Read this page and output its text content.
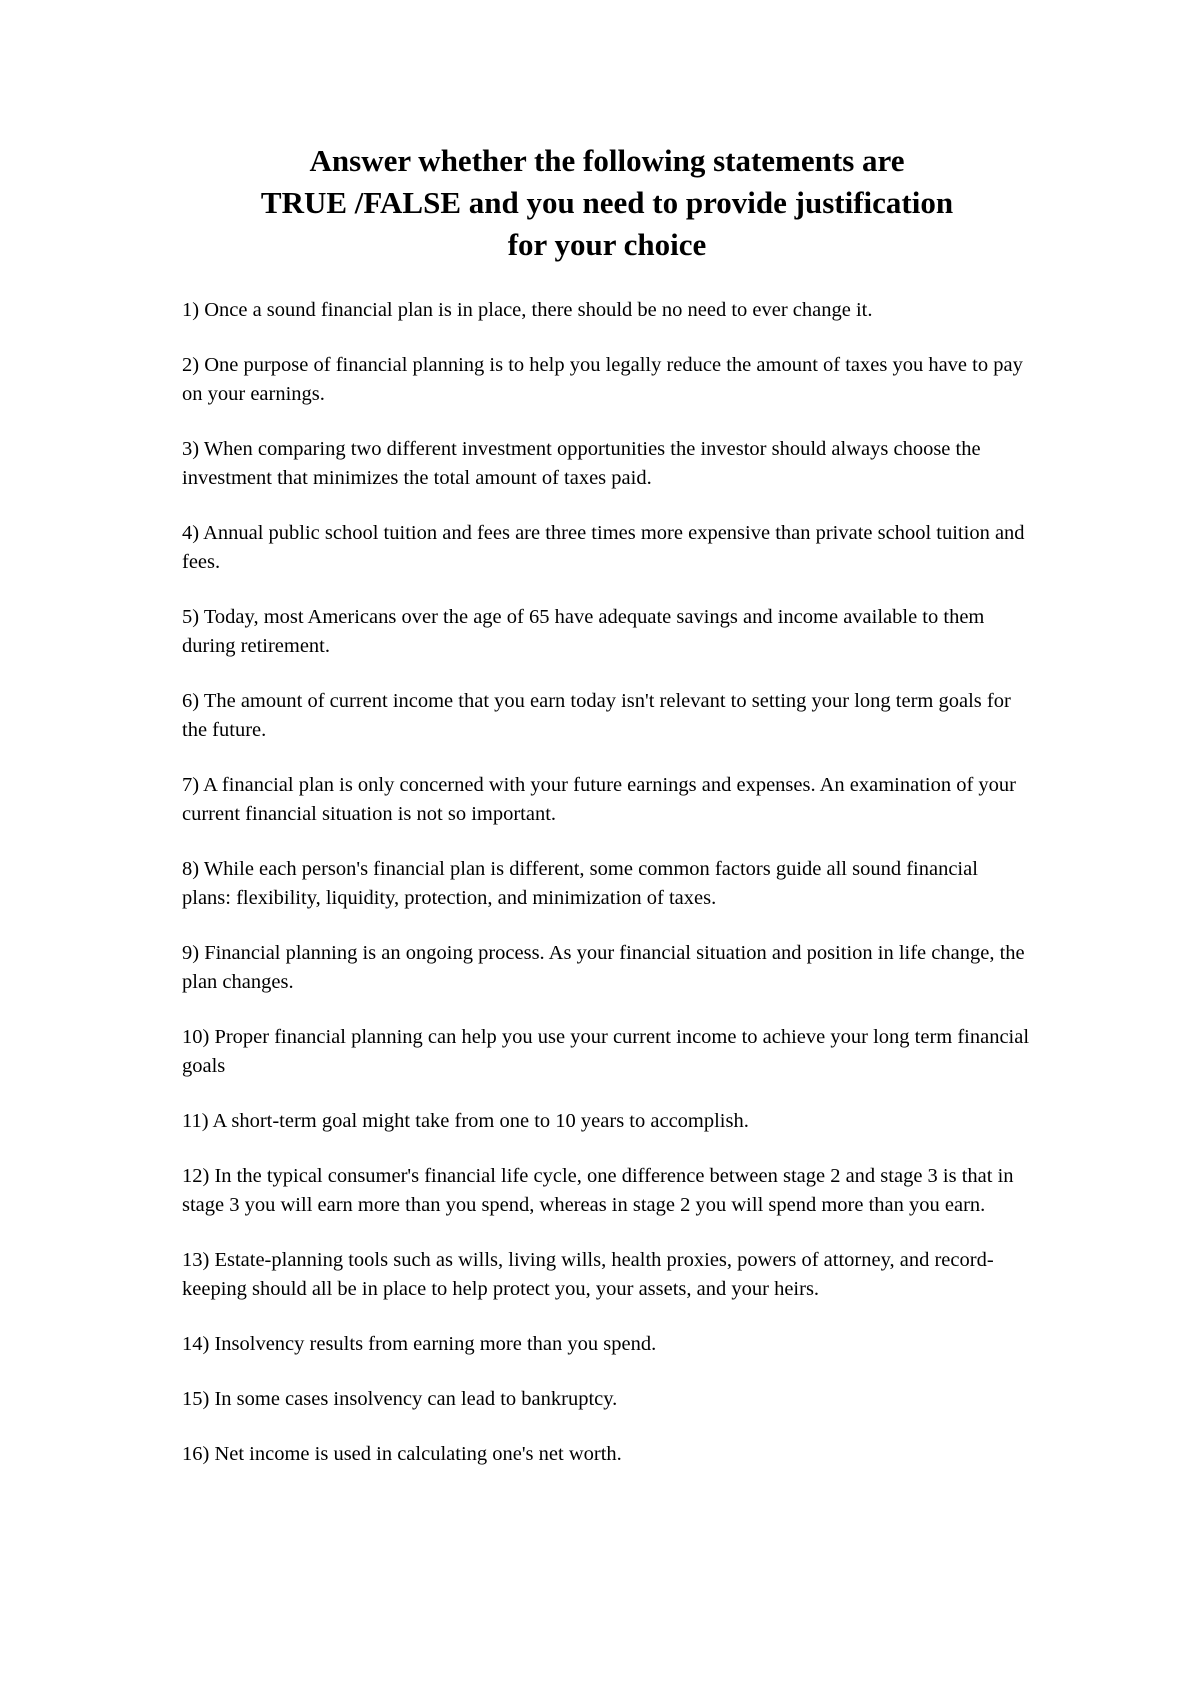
Answer whether the following statements are
TRUE /FALSE and you need to provide justification
for your choice
1) Once a sound financial plan is in place, there should be no need to ever change it.
2) One purpose of financial planning is to help you legally reduce the amount of taxes you have to pay on your earnings.
3) When comparing two different investment opportunities the investor should always choose the investment that minimizes the total amount of taxes paid.
4) Annual public school tuition and fees are three times more expensive than private school tuition and fees.
5) Today, most Americans over the age of 65 have adequate savings and income available to them during retirement.
6) The amount of current income that you earn today isn't relevant to setting your long term goals for the future.
7) A financial plan is only concerned with your future earnings and expenses. An examination of your current financial situation is not so important.
8) While each person's financial plan is different, some common factors guide all sound financial plans: flexibility, liquidity, protection, and minimization of taxes.
9) Financial planning is an ongoing process. As your financial situation and position in life change, the plan changes.
10) Proper financial planning can help you use your current income to achieve your long term financial goals
11) A short-term goal might take from one to 10 years to accomplish.
12) In the typical consumer's financial life cycle, one difference between stage 2 and stage 3 is that in stage 3 you will earn more than you spend, whereas in stage 2 you will spend more than you earn.
13) Estate-planning tools such as wills, living wills, health proxies, powers of attorney, and record-keeping should all be in place to help protect you, your assets, and your heirs.
14) Insolvency results from earning more than you spend.
15) In some cases insolvency can lead to bankruptcy.
16) Net income is used in calculating one's net worth.
